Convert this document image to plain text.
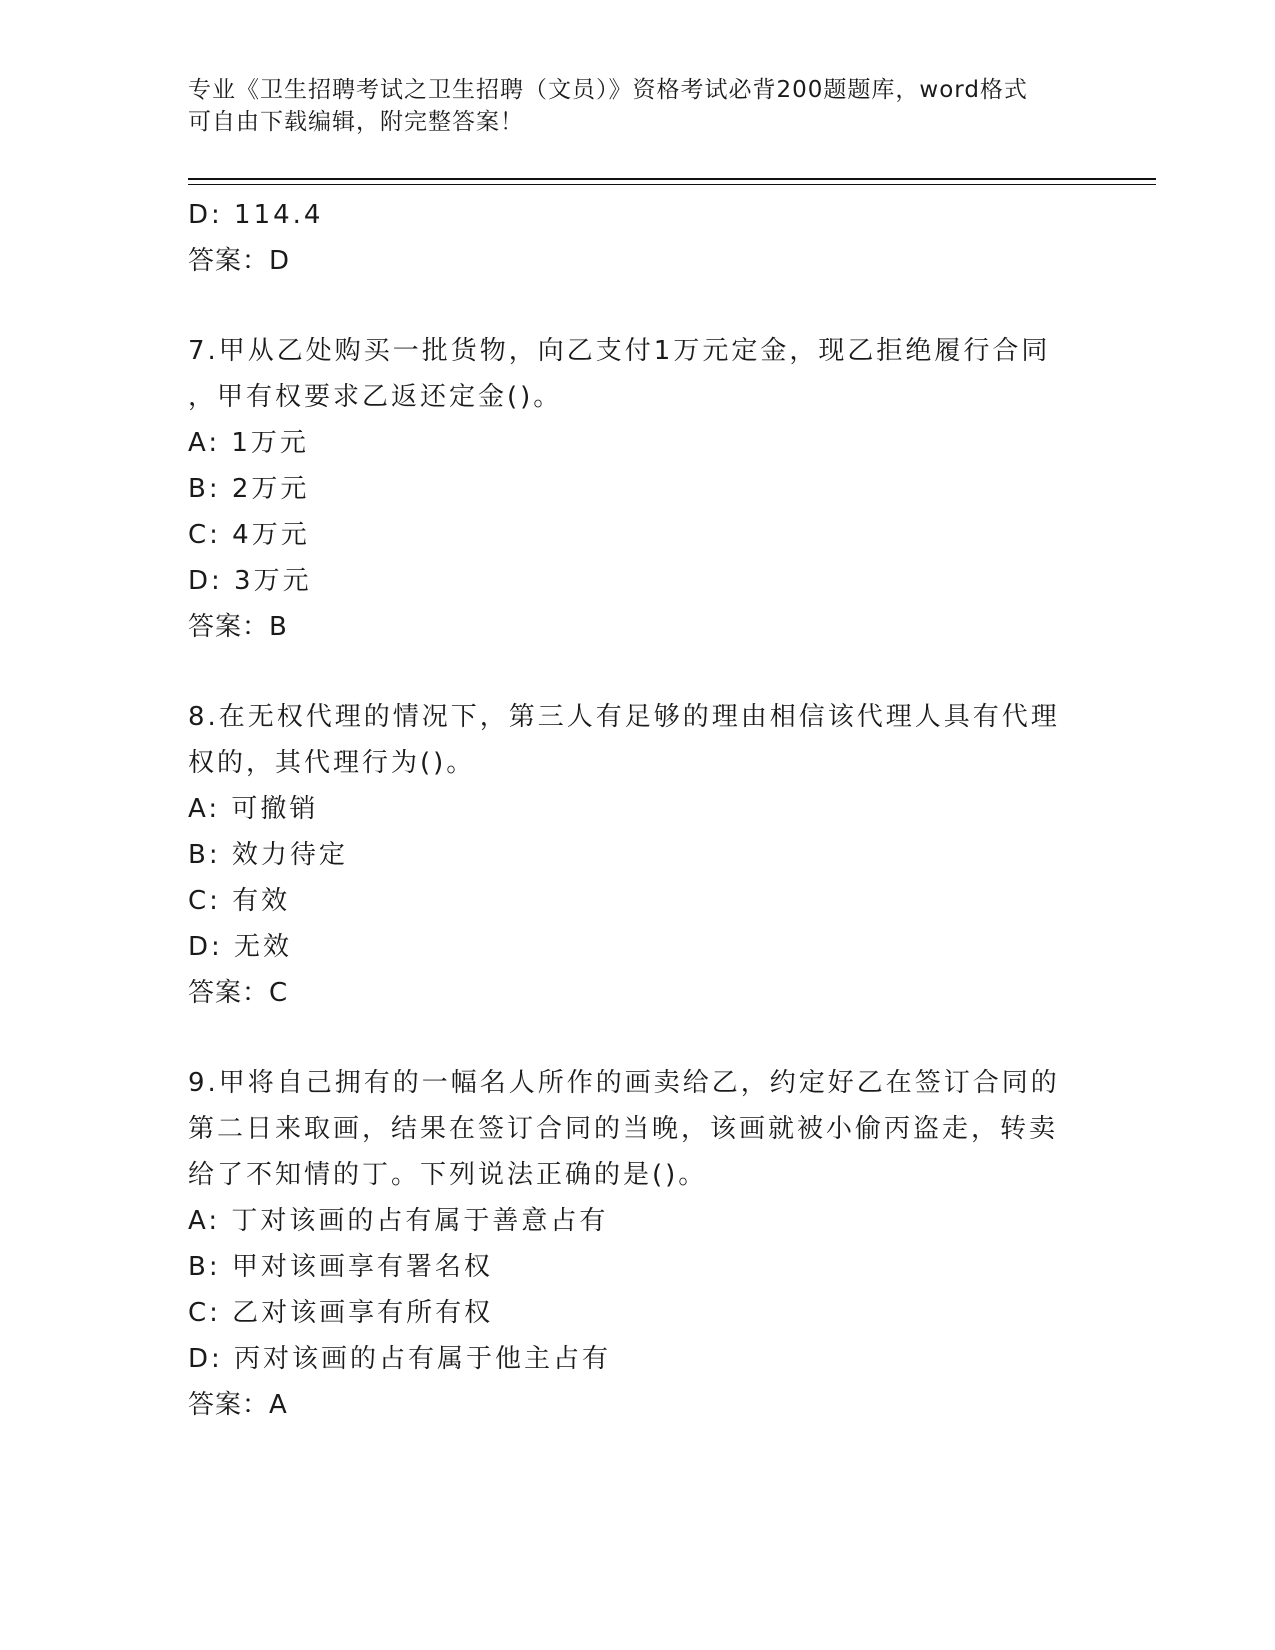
专业《卫生招聘考试之卫生招聘（文员）》资格考试必背200题题库，word格式
可自由下载编辑，附完整答案！
D: 114.4
答案：D
7.甲从乙处购买一批货物，向乙支付1万元定金，现乙拒绝履行合同
，甲有权要求乙返还定金()。
A: 1万元
B: 2万元
C: 4万元
D: 3万元
答案：B
8.在无权代理的情况下，第三人有足够的理由相信该代理人具有代理
权的，其代理行为()。
A: 可撤销
B: 效力待定
C: 有效
D: 无效
答案：C
9.甲将自己拥有的一幅名人所作的画卖给乙，约定好乙在签订合同的
第二日来取画，结果在签订合同的当晚，该画就被小偷丙盗走，转卖
给了不知情的丁。下列说法正确的是()。
A: 丁对该画的占有属于善意占有
B: 甲对该画享有署名权
C: 乙对该画享有所有权
D: 丙对该画的占有属于他主占有
答案：A
